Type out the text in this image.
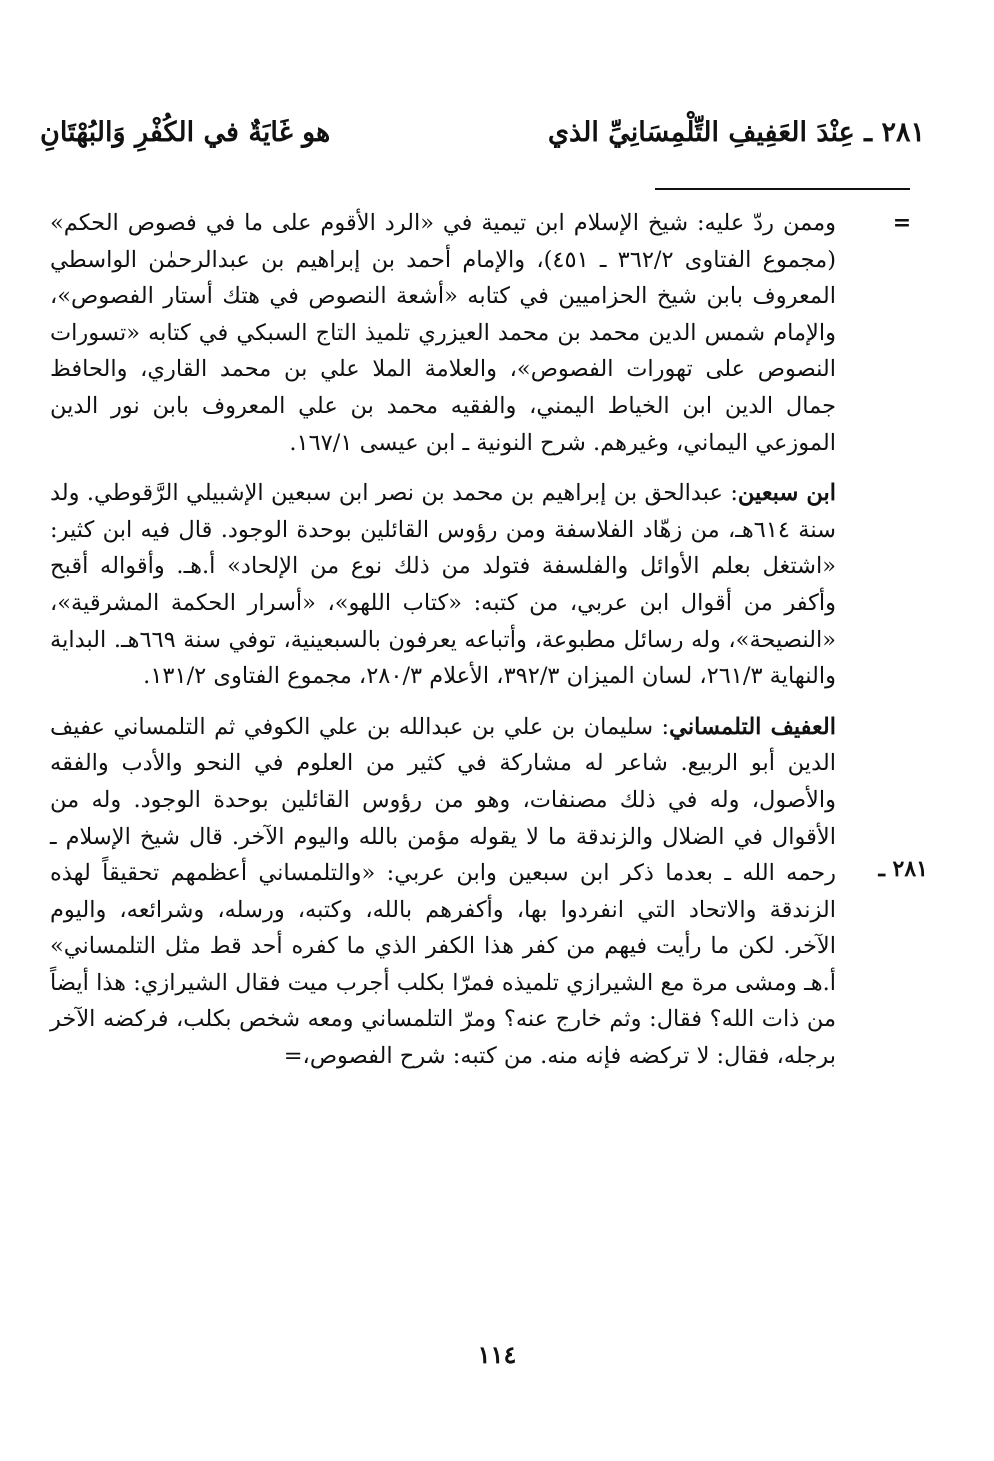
٢٨١ ـ عِنْدَ العَفِيفِ التِّلْمِسَانِيِّ الذي
هو غَايَةٌ في الكُفْرِ وَالبُهْتَانِ
=
٢٨١ ـ

وممن ردّ عليه: شيخ الإسلام ابن تيمية في «الرد الأقوم على ما في فصوص الحكم» (مجموع الفتاوى ٣٦٢/٢ ـ ٤٥١)، والإمام أحمد بن إبراهيم بن عبدالرحمٰن الواسطي المعروف بابن شيخ الحزاميين في كتابه «أشعة النصوص في هتك أستار الفصوص»، والإمام شمس الدين محمد بن محمد العيزري تلميذ التاج السبكي في كتابه «تسورات النصوص على تهورات الفصوص»، والعلامة الملا علي بن محمد القاري، والحافظ جمال الدين ابن الخياط اليمني، والفقيه محمد بن علي المعروف بابن نور الدين الموزعي اليماني، وغيرهم. شرح النونية ـ ابن عيسى ١٦٧/١.

ابن سبعين: عبدالحق بن إبراهيم بن محمد بن نصر ابن سبعين الإشبيلي الرَّقوطي. ولد سنة ٦١٤هـ، من زهّاد الفلاسفة ومن رؤوس القائلين بوحدة الوجود. قال فيه ابن كثير: «اشتغل بعلم الأوائل والفلسفة فتولد من ذلك نوع من الإلحاد» أ.هـ. وأقواله أقبح وأكفر من أقوال ابن عربي، من كتبه: «كتاب اللهو»، «أسرار الحكمة المشرقية»، «النصيحة»، وله رسائل مطبوعة، وأتباعه يعرفون بالسبعينية، توفي سنة ٦٦٩هـ. البداية والنهاية ٢٦١/٣، لسان الميزان ٣٩٢/٣، الأعلام ٢٨٠/٣، مجموع الفتاوى ١٣١/٢.

العفيف التلمساني: سليمان بن علي بن عبدالله بن علي الكوفي ثم التلمساني عفيف الدين أبو الربيع. شاعر له مشاركة في كثير من العلوم في النحو والأدب والفقه والأصول، وله في ذلك مصنفات، وهو من رؤوس القائلين بوحدة الوجود. وله من الأقوال في الضلال والزندقة ما لا يقوله مؤمن بالله واليوم الآخر. قال شيخ الإسلام ـ رحمه الله ـ بعدما ذكر ابن سبعين وابن عربي: «والتلمساني أعظمهم تحقيقاً لهذه الزندقة والاتحاد التي انفردوا بها، وأكفرهم بالله، وكتبه، ورسله، وشرائعه، واليوم الآخر. لكن ما رأيت فيهم من كفر هذا الكفر الذي ما كفره أحد قط مثل التلمساني» أ.هـ ومشى مرة مع الشيرازي تلميذه فمرّا بكلب أجرب ميت فقال الشيرازي: هذا أيضاً من ذات الله؟ فقال: وثم خارج عنه؟ ومرّ التلمساني ومعه شخص بكلب، فركضه الآخر برجله، فقال: لا تركضه فإنه منه. من كتبه: شرح الفصوص،=

١١٤
